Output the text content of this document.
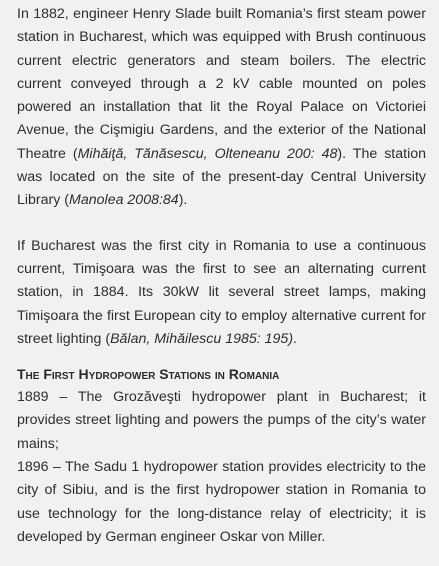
In 1882, engineer Henry Slade built Romania’s first steam power station in Bucharest, which was equipped with Brush continuous current electric generators and steam boilers. The electric current conveyed through a 2 kV cable mounted on poles powered an installation that lit the Royal Palace on Victoriei Avenue, the Cişmigiu Gardens, and the exterior of the National Theatre (Mihăiţă, Tănăsescu, Olteneanu 200: 48). The station was located on the site of the present-day Central University Library (Manolea 2008:84).

If Bucharest was the first city in Romania to use a continuous current, Timişoara was the first to see an alternating current station, in 1884. Its 30kW lit several street lamps, making Timişoara the first European city to employ alternative current for street lighting (Bălan, Mihăilescu 1985: 195).

The First Hydropower Stations in Romania

1889 – The Grozăveşti hydropower plant in Bucharest; it provides street lighting and powers the pumps of the city’s water mains;

1896 – The Sadu 1 hydropower station provides electricity to the city of Sibiu, and is the first hydropower station in Romania to use technology for the long-distance relay of electricity; it is developed by German engineer Oskar von Miller.
